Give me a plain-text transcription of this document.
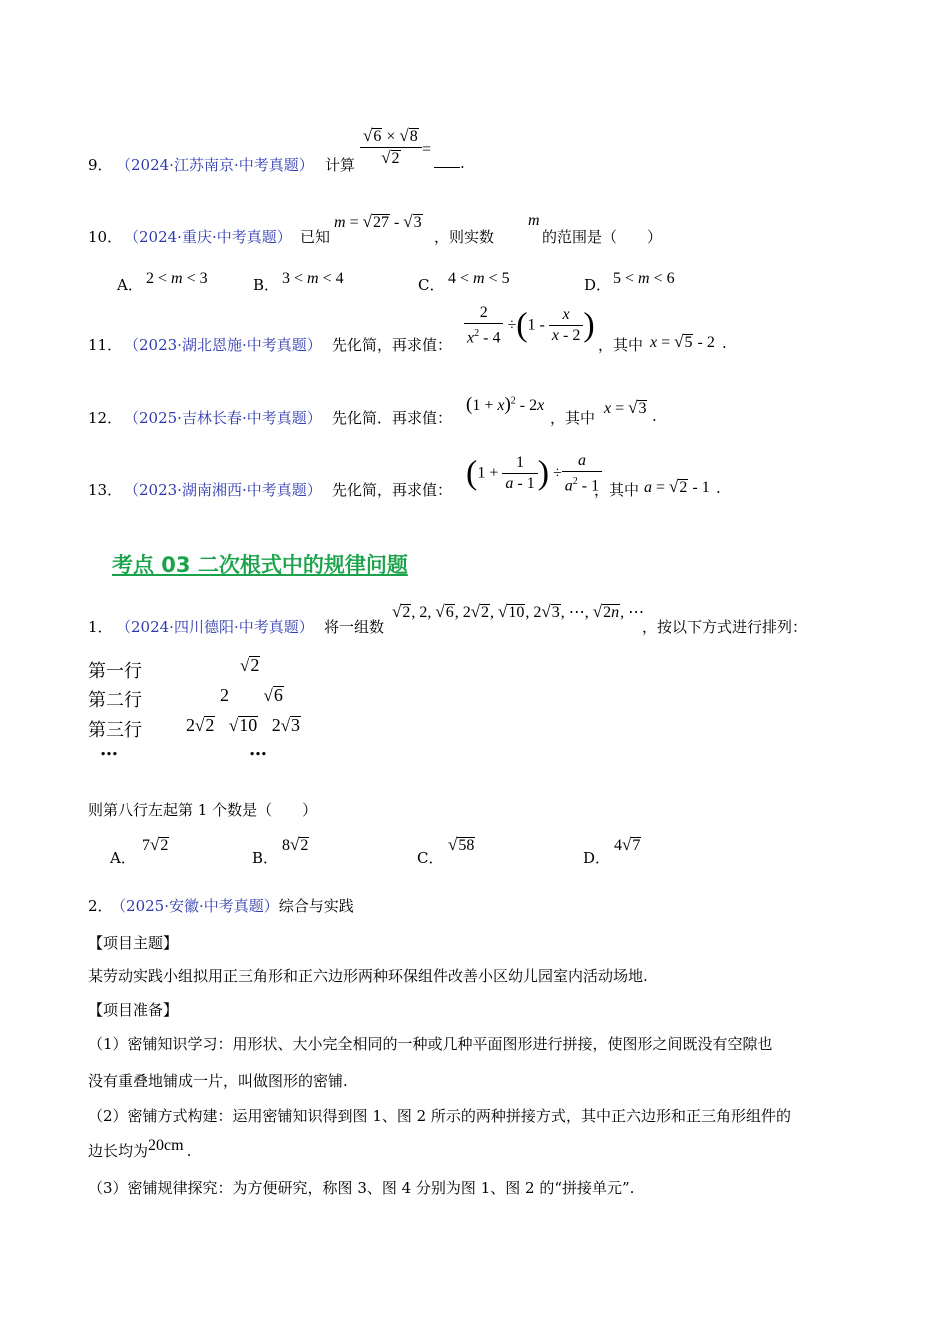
9． （2024·江苏南京·中考真题） 计算 $\frac{√6 \times √8}{√2}$ =
.
10． （2024·重庆·中考真题） 已知
m = √27 - √3
，则实数
m
的范围是（　　）
A． 2 < m < 3	B． 3 < m < 4	C． 4 < m < 5	D． 5 < m < 6
11． （2023·湖北恩施·中考真题） 先化简，再求值： $\frac{2}{x^2 - 4} \div(1 - \frac{x}{x - 2}$ )
，其中 x = √5 - 2 .
12． （2025·吉林长春·中考真题） 先化简．再求值：
$(1 + x)^2 - 2x$
，其中
x = √3 .
13． （2023·湖南湘西·中考真题） 先化简，再求值： ($1 + \frac{1}{a - 1}$ ) ÷ $\frac{a}{a^2 - 1}$
，其中 a = √2 - 1 .
考点 03 二次根式中的规律问题
1． （2024·四川德阳·中考真题） 将一组数
√2, 2, √6, 2√2, √10, 2√3, ⋯, √2n, ⋯
，按以下方式进行排列：
第一行	√2
第二行	2 √6
第三行 2√2 √10   2√3
…	…
则第八行左起第 1 个数是（　　）
A．
7√2
B．
8√2
C．
√58
D．
4√7
2． （2025·安徽·中考真题）综合与实践
【项目主题】
某劳动实践小组拟用正三角形和正六边形两种环保组件改善小区幼儿园室内活动场地.
【项目准备】
（1）密铺知识学习：用形状、大小完全相同的一种或几种平面图形进行拼接，使图形之间既没有空隙也
没有重叠地铺成一片，叫做图形的密铺.
（2）密铺方式构建：运用密铺知识得到图 1、图 2 所示的两种拼接方式，其中正六边形和正三角形组件的
边长均为20cm .
（3）密铺规律探究：为方便研究，称图 3、图 4 分别为图 1、图 2 的“拼接单元”.
